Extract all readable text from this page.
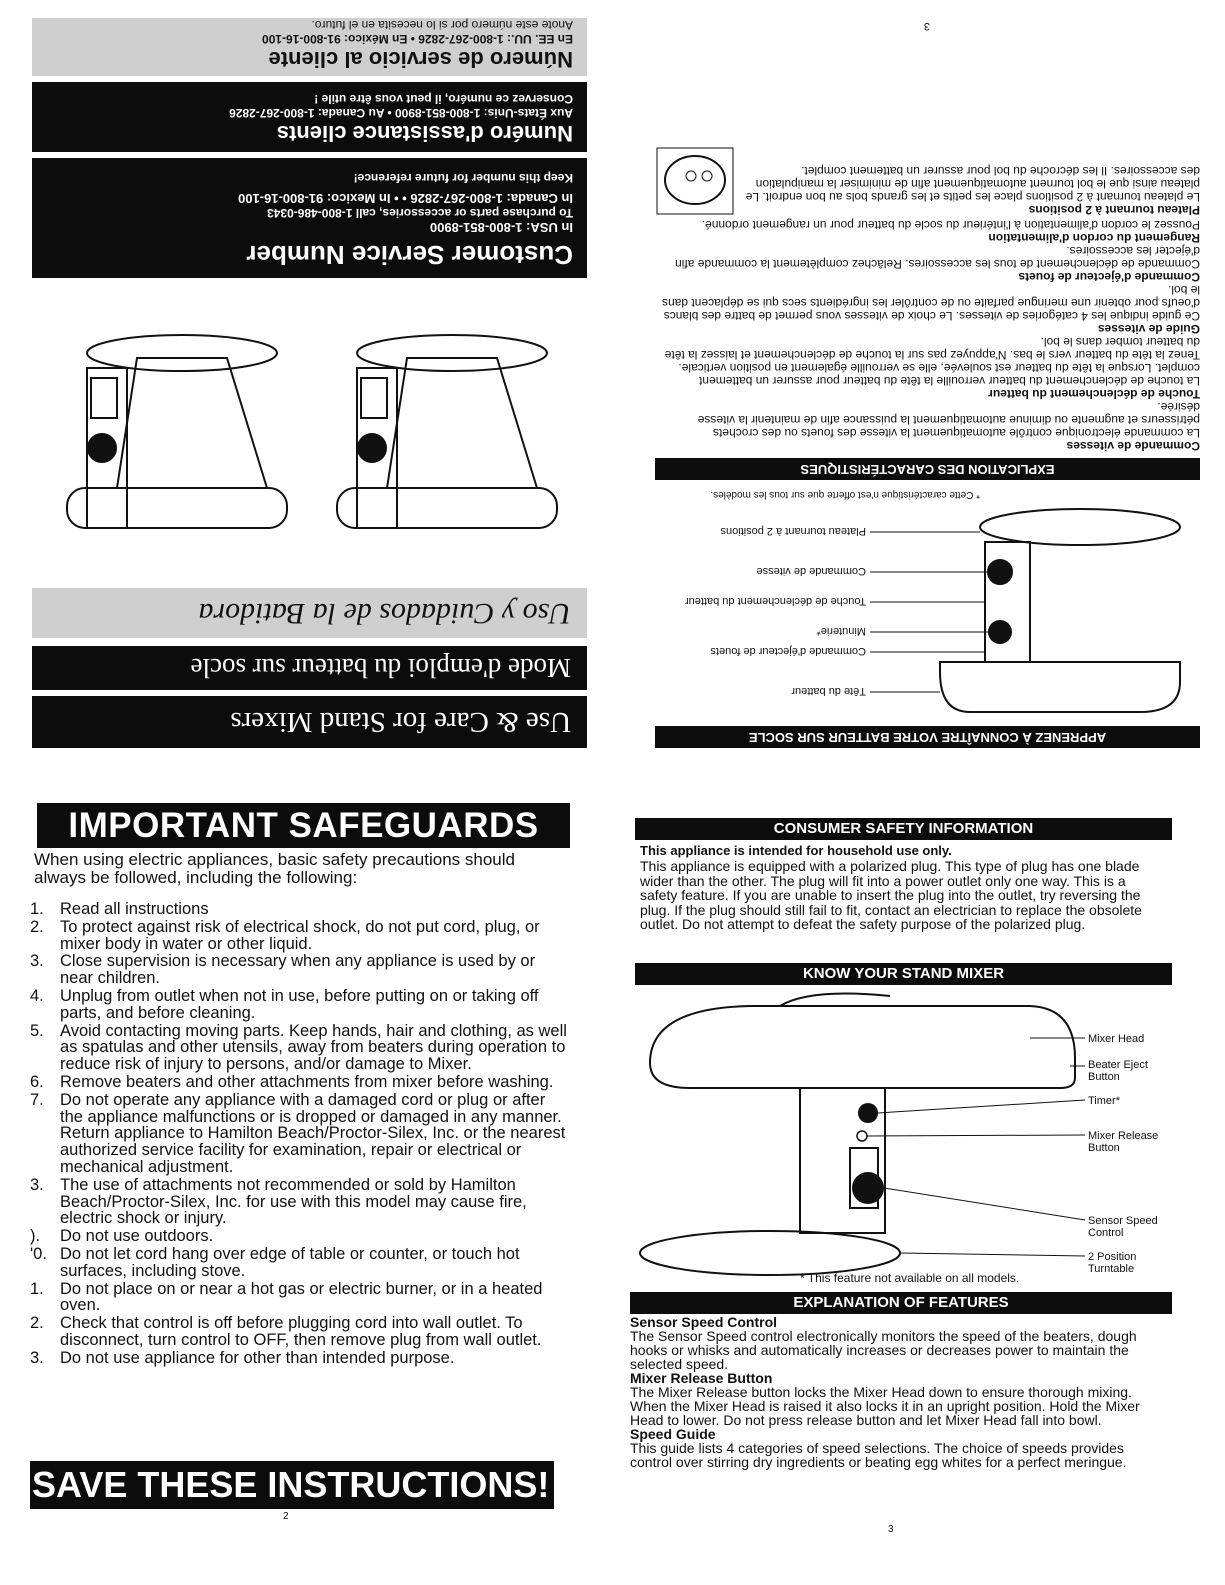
Use & Care for Stand Mixers
Mode d'emploi du batteur sur socle
Uso y Cuidados de la Batidora
Customer Service Number
In USA: 1-800-851-8900
To purchase parts or accessories, call 1-800-486-0343
In Canada: 1-800-267-2826 • • In Mexico: 91-800-16-100
Keep this number for future reference!
Numéro d'assistance clients
Aux États-Unis: 1-800-851-8900 • Au Canada: 1-800-267-2826
Conservez ce numéro, il peut vous être utile !
Número de servicio al cliente
En EE. UU.: 1-800-267-2826 • En México: 91-800-16-100
Anote este número por si lo necesita en el futuro.
APPRENEZ À CONNAÎTRE VOTRE BATTEUR SUR SOCLE
Tête du batteur
Commande d'éjecteur de fouets
Minuterie*
Touche de déclenchement du batteur
Commande de vitesse
Plateau tournant à 2 positions
* Cette caractéristique n'est offerte que sur tous les modèles.
EXPLICATION DES CARACTÉRISTIQUES
Commande de vitesses
La commande électronique contrôle automatiquement la vitesse des fouets ou des crochets pétrisseurs et augmente ou diminue automatiquement la puissance afin de maintenir la vitesse désirée.
Touche de déclenchement du batteur
La touche de déclenchement du batteur verrouille la tête du batteur pour assurer un battement complet. Lorsque la tête du batteur est soulevée, elle se verrouille également en position verticale. Tenez la tête du batteur vers le bas. N'appuyez pas sur la touche de déclenchement et laissez la tête du batteur tomber dans le bol.
Guide de vitesses
Ce guide indique les 4 catégories de vitesses. Le choix de vitesses vous permet de battre des blancs d'oeufs pour obtenir une meringue parfaite ou de contrôler les ingrédients secs qui se déplacent dans le bol.
Commande d'éjecteur de fouets
Commande de déclenchement de tous les accessoires. Relâchez complètement la commande afin d'éjecter les accessoires.
Rangement du cordon d'alimentation
Poussez le cordon d'alimentation à l'intérieur du socle du batteur pour un rangement ordonné.
Plateau tournant à 2 positions
Le plateau tournant à 2 positions place les petits et les grands bols au bon endroit. Le plateau ainsi que le bol tournent automatiquement afin de minimiser la manipulation des accessoires. Il les décroche du bol pour assurer un battement complet.
3
IMPORTANT SAFEGUARDS
When using electric appliances, basic safety precautions should always be followed, including the following:
1. Read all instructions
2. To protect against risk of electrical shock, do not put cord, plug, or mixer body in water or other liquid.
3. Close supervision is necessary when any appliance is used by or near children.
4. Unplug from outlet when not in use, before putting on or taking off parts, and before cleaning.
5. Avoid contacting moving parts. Keep hands, hair and clothing, as well as spatulas and other utensils, away from beaters during operation to reduce risk of injury to persons, and/or damage to Mixer.
6. Remove beaters and other attachments from mixer before washing.
7. Do not operate any appliance with a damaged cord or plug or after the appliance malfunctions or is dropped or damaged in any manner. Return appliance to Hamilton Beach/Proctor-Silex, Inc. or the nearest authorized service facility for examination, repair or electrical or mechanical adjustment.
3. The use of attachments not recommended or sold by Hamilton Beach/Proctor-Silex, Inc. for use with this model may cause fire, electric shock or injury.
). Do not use outdoors.
'0. Do not let cord hang over edge of table or counter, or touch hot surfaces, including stove.
1. Do not place on or near a hot gas or electric burner, or in a heated oven.
2. Check that control is off before plugging cord into wall outlet. To disconnect, turn control to OFF, then remove plug from wall outlet.
3. Do not use appliance for other than intended purpose.
SAVE THESE INSTRUCTIONS!
2
CONSUMER SAFETY INFORMATION
This appliance is intended for household use only.
This appliance is equipped with a polarized plug. This type of plug has one blade wider than the other. The plug will fit into a power outlet only one way. This is a safety feature. If you are unable to insert the plug into the outlet, try reversing the plug. If the plug should still fail to fit, contact an electrician to replace the obsolete outlet. Do not attempt to defeat the safety purpose of the polarized plug.
KNOW YOUR STAND MIXER
Mixer Head
Beater Eject
Button
Timer*
Mixer Release
Button
Sensor Speed
Control
2 Position
Turntable
* This feature not available on all models.
EXPLANATION OF FEATURES
Sensor Speed Control
The Sensor Speed control electronically monitors the speed of the beaters, dough hooks or whisks and automatically increases or decreases power to maintain the selected speed.
Mixer Release Button
The Mixer Release button locks the Mixer Head down to ensure thorough mixing. When the Mixer Head is raised it also locks it in an upright position. Hold the Mixer Head to lower. Do not press release button and let Mixer Head fall into bowl.
Speed Guide
This guide lists 4 categories of speed selections. The choice of speeds provides control over stirring dry ingredients or beating egg whites for a perfect meringue.
3
